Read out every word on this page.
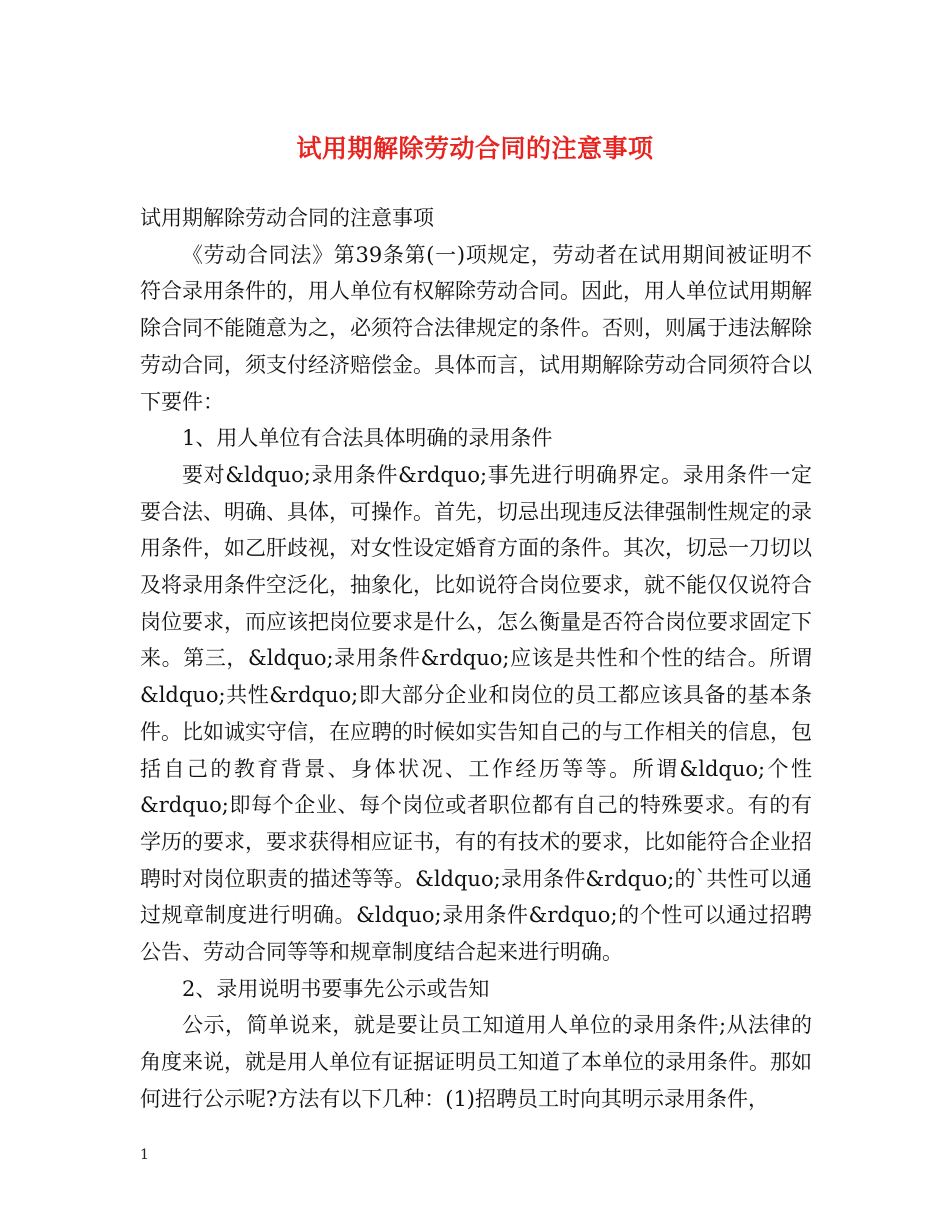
试用期解除劳动合同的注意事项

试用期解除劳动合同的注意事项

《劳动合同法》第39条第(一)项规定，劳动者在试用期间被证明不符合录用条件的，用人单位有权解除劳动合同。因此，用人单位试用期解除合同不能随意为之，必须符合法律规定的条件。否则，则属于违法解除劳动合同，须支付经济赔偿金。具体而言，试用期解除劳动合同须符合以下要件：

1、用人单位有合法具体明确的录用条件

要对&ldquo;录用条件&rdquo;事先进行明确界定。录用条件一定要合法、明确、具体，可操作。首先，切忌出现违反法律强制性规定的录用条件，如乙肝歧视，对女性设定婚育方面的条件。其次，切忌一刀切以及将录用条件空泛化，抽象化，比如说符合岗位要求，就不能仅仅说符合岗位要求，而应该把岗位要求是什么，怎么衡量是否符合岗位要求固定下来。第三，&ldquo;录用条件&rdquo;应该是共性和个性的结合。所谓&ldquo;共性&rdquo;即大部分企业和岗位的员工都应该具备的基本条件。比如诚实守信，在应聘的时候如实告知自己的与工作相关的信息，包括自己的教育背景、身体状况、工作经历等等。所谓&ldquo;个性&rdquo;即每个企业、每个岗位或者职位都有自己的特殊要求。有的有学历的要求，要求获得相应证书，有的有技术的要求，比如能符合企业招聘时对岗位职责的描述等等。&ldquo;录用条件&rdquo;的`共性可以通过规章制度进行明确。&ldquo;录用条件&rdquo;的个性可以通过招聘公告、劳动合同等等和规章制度结合起来进行明确。

2、录用说明书要事先公示或告知

公示，简单说来，就是要让员工知道用人单位的录用条件;从法律的角度来说，就是用人单位有证据证明员工知道了本单位的录用条件。那如何进行公示呢?方法有以下几种：(1)招聘员工时向其明示录用条件，

1
